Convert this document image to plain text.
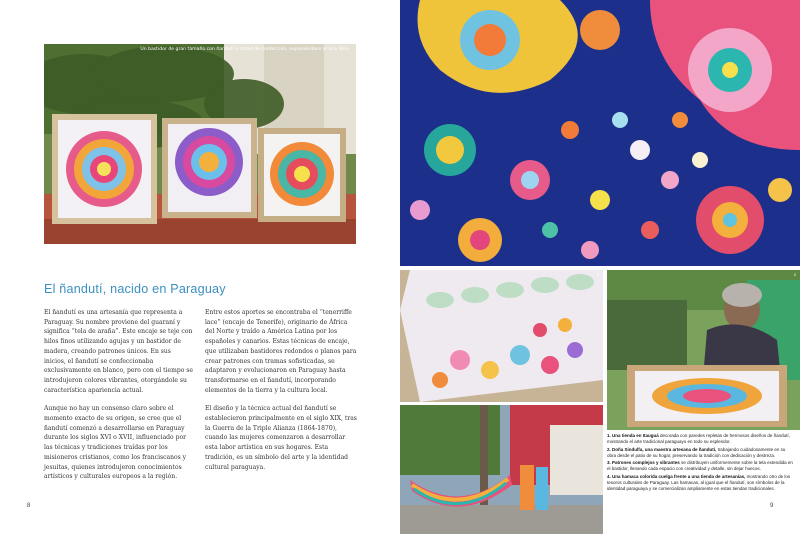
Un bastidor de gran tamaño con ñandutí a mitad de confección, exponiéndose al aire libre.
El ñandutí, nacido en Paraguay

El ñandutí es una artesanía que representa a Paraguay. Su nombre proviene del guaraní y significa “tela de araña”. Este encaje se teje con hilos finos utilizando agujas y un bastidor de madera, creando patrones únicos. En sus inicios, el ñandutí se confeccionaba exclusivamente en blanco, pero con el tiempo se introdujeron colores vibrantes, otorgándole su característica apariencia actual.

Aunque no hay un consenso claro sobre el momento exacto de su origen, se cree que el ñandutí comenzó a desarrollarse en Paraguay durante los siglos XVI o XVII, influenciado por las técnicas y tradiciones traídas por los misioneros cristianos, como los franciscanos y jesuitas, quienes introdujeron conocimientos artísticos y culturales europeos a la región.

Entre estos aportes se encontraba el “tenerriffe lace” (encaje de Tenerife), originario de África del Norte y traído a América Latina por los españoles y canarios. Estas técnicas de encaje, que utilizaban bastidores redondos o planos para crear patrones con tramas sofisticadas, se adaptaron y evolucionaron en Paraguay hasta transformarse en el ñandutí, incorporando elementos de la tierra y la cultura local.

El diseño y la técnica actual del ñandutí se establecieron principalmente en el siglo XIX, tras la Guerra de la Triple Alianza (1864-1870), cuando las mujeres comenzaron a desarrollar esta labor artística en sus hogares. Esta tradición, es un símbolo del arte y la identidad cultural paraguaya.

8
3	2

1. Una tienda en Itauguá decorada con paredes repletas de hermosos diseños de ñandutí, mostrando el arte tradicional paraguayo en todo su esplendor.

2. Doña Sindulfa, una maestra artesana de ñandutí, trabajando cuidadosamente en su obra desde el patio de su hogar, preservando la tradición con dedicación y destreza.

3. Patrones complejos y vibrantes se distribuyen uniformemente sobre la tela extendida en el bastidor, llenando cada espacio con creatividad y detalle, sin dejar huecos.

4. Una hamaca colorida cuelga frente a una tienda de artesanías, mostrando otro de los tesoros culturales de Paraguay. Las hamacas, al igual que el ñandutí, son símbolos de la identidad paraguaya y se comercializan ampliamente en estas tiendas tradicionales.

9
